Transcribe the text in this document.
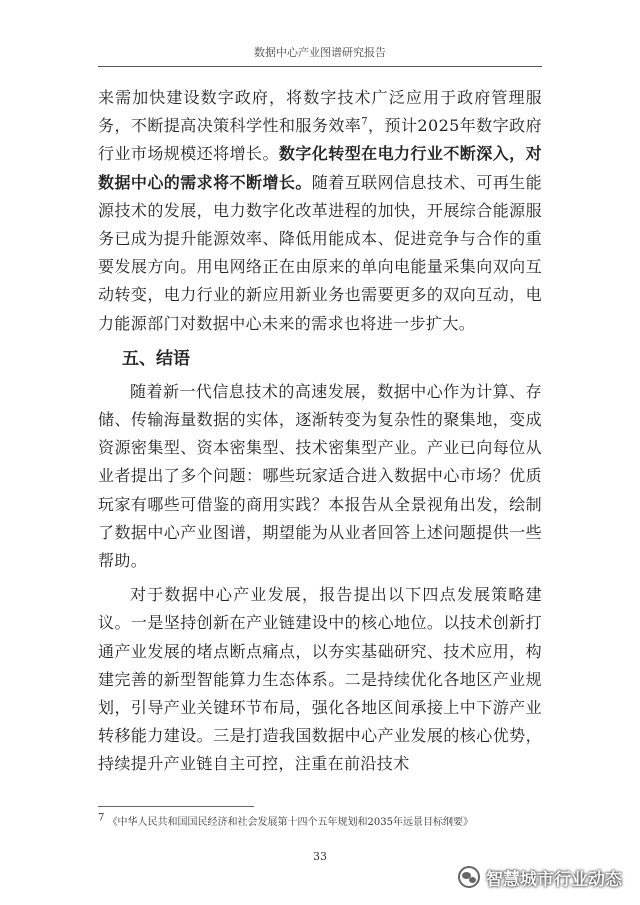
数据中心产业图谱研究报告

来需加快建设数字政府，将数字技术广泛应用于政府管理服务，不断提高决策科学性和服务效率$^7$，预计2025年数字政府行业市场规模还将增长。数字化转型在电力行业不断深入，对数据中心的需求将不断增长。随着互联网信息技术、可再生能源技术的发展，电力数字化改革进程的加快，开展综合能源服务已成为提升能源效率、降低用能成本、促进竞争与合作的重要发展方向。用电网络正在由原来的单向电能量采集向双向互动转变，电力行业的新应用新业务也需要更多的双向互动，电力能源部门对数据中心未来的需求也将进一步扩大。

五、结语

随着新一代信息技术的高速发展，数据中心作为计算、存储、传输海量数据的实体，逐渐转变为复杂性的聚集地，变成资源密集型、资本密集型、技术密集型产业。产业已向每位从业者提出了多个问题：哪些玩家适合进入数据中心市场？优质玩家有哪些可借鉴的商用实践？本报告从全景视角出发，绘制了数据中心产业图谱，期望能为从业者回答上述问题提供一些帮助。

对于数据中心产业发展，报告提出以下四点发展策略建议。一是坚持创新在产业链建设中的核心地位。以技术创新打通产业发展的堵点断点痛点，以夯实基础研究、技术应用，构建完善的新型智能算力生态体系。二是持续优化各地区产业规划，引导产业关键环节布局，强化各地区间承接上中下游产业转移能力建设。三是打造我国数据中心产业发展的核心优势，持续提升产业链自主可控，注重在前沿技术

7 《中华人民共和国国民经济和社会发展第十四个五年规划和2035年远景目标纲要》
33
智慧城市行业动态
